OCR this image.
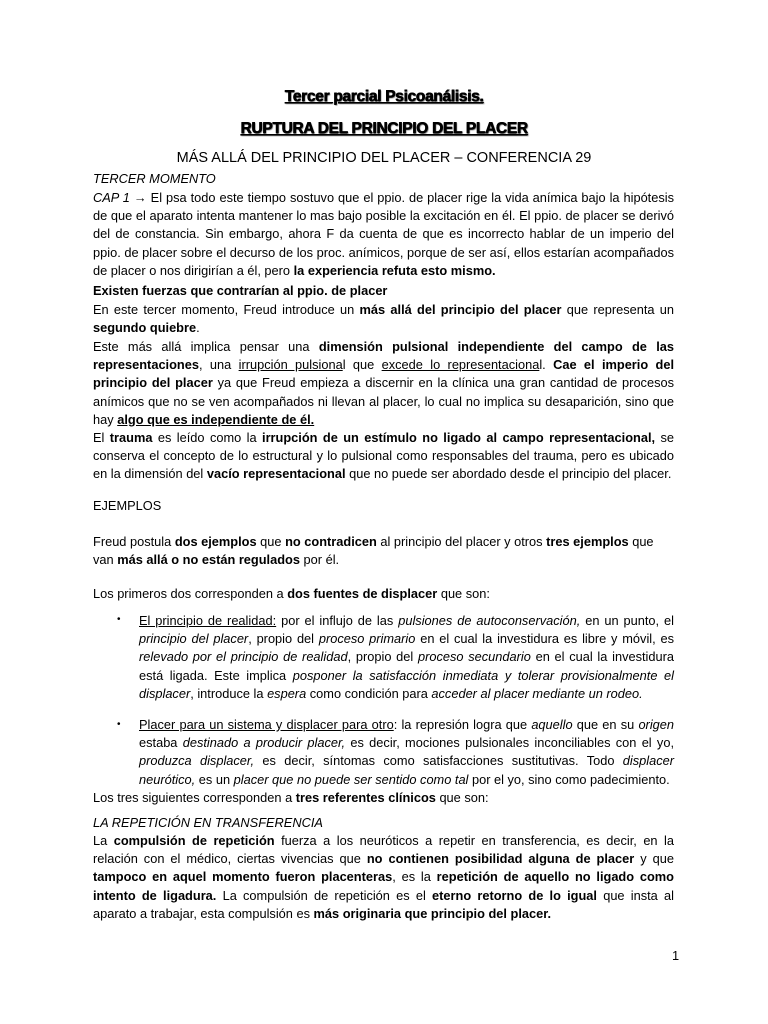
Tercer parcial Psicoanálisis.
RUPTURA DEL PRINCIPIO DEL PLACER
MÁS ALLÁ DEL PRINCIPIO DEL PLACER – CONFERENCIA 29
TERCER MOMENTO
CAP 1 → El psa todo este tiempo sostuvo que el ppio. de placer rige la vida anímica bajo la hipótesis de que el aparato intenta mantener lo mas bajo posible la excitación en él. El ppio. de placer se derivó del de constancia. Sin embargo, ahora F da cuenta de que es incorrecto hablar de un imperio del ppio. de placer sobre el decurso de los proc. anímicos, porque de ser así, ellos estarían acompañados de placer o nos dirigirían a él, pero la experiencia refuta esto mismo.
Existen fuerzas que contrarían al ppio. de placer
En este tercer momento, Freud introduce un más allá del principio del placer que representa un segundo quiebre.
Este más allá implica pensar una dimensión pulsional independiente del campo de las representaciones, una irrupción pulsional que excede lo representacional. Cae el imperio del principio del placer ya que Freud empieza a discernir en la clínica una gran cantidad de procesos anímicos que no se ven acompañados ni llevan al placer, lo cual no implica su desaparición, sino que hay algo que es independiente de él.
El trauma es leído como la irrupción de un estímulo no ligado al campo representacional, se conserva el concepto de lo estructural y lo pulsional como responsables del trauma, pero es ubicado en la dimensión del vacío representacional que no puede ser abordado desde el principio del placer.
EJEMPLOS
Freud postula dos ejemplos que no contradicen al principio del placer y otros tres ejemplos que van más allá o no están regulados por él.
Los primeros dos corresponden a dos fuentes de displacer que son:
• El principio de realidad: por el influjo de las pulsiones de autoconservación, en un punto, el principio del placer, propio del proceso primario en el cual la investidura es libre y móvil, es relevado por el principio de realidad, propio del proceso secundario en el cual la investidura está ligada. Este implica posponer la satisfacción inmediata y tolerar provisionalmente el displacer, introduce la espera como condición para acceder al placer mediante un rodeo.
• Placer para un sistema y displacer para otro: la represión logra que aquello que en su origen estaba destinado a producir placer, es decir, mociones pulsionales inconciliables con el yo, produzca displacer, es decir, síntomas como satisfacciones sustitutivas. Todo displacer neurótico, es un placer que no puede ser sentido como tal por el yo, sino como padecimiento.
Los tres siguientes corresponden a tres referentes clínicos que son:
LA REPETICIÓN EN TRANSFERENCIA
La compulsión de repetición fuerza a los neuróticos a repetir en transferencia, es decir, en la relación con el médico, ciertas vivencias que no contienen posibilidad alguna de placer y que tampoco en aquel momento fueron placenteras, es la repetición de aquello no ligado como intento de ligadura. La compulsión de repetición es el eterno retorno de lo igual que insta al aparato a trabajar, esta compulsión es más originaria que principio del placer.
1
